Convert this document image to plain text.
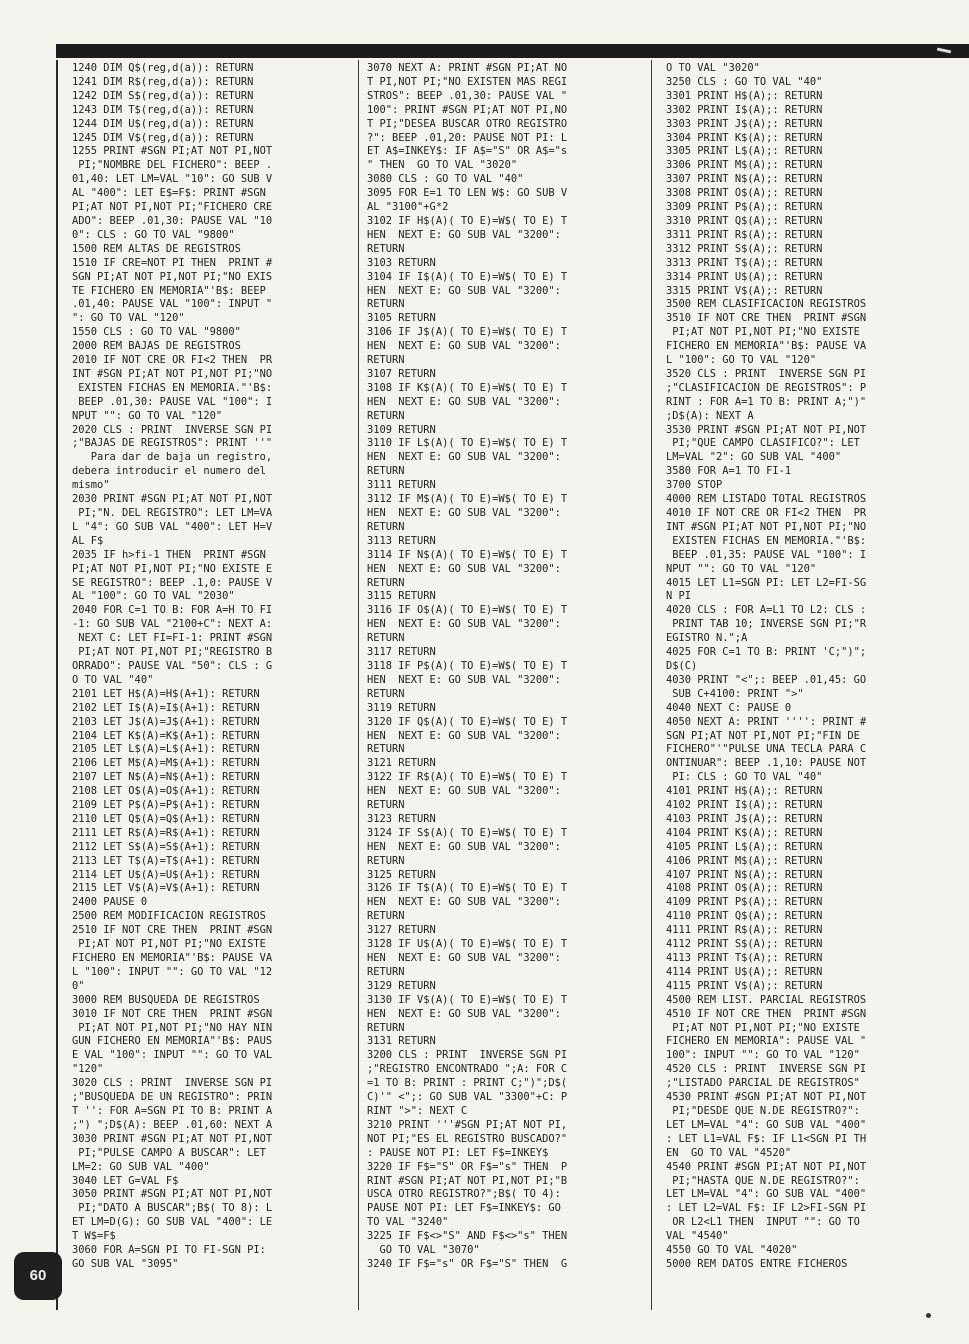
1240 DIM Q$(reg,d(a)): RETURN
1241 DIM R$(reg,d(a)): RETURN
1242 DIM S$(reg,d(a)): RETURN
1243 DIM T$(reg,d(a)): RETURN
1244 DIM U$(reg,d(a)): RETURN
1245 DIM V$(reg,d(a)): RETURN
1255 PRINT #SGN PI;AT NOT PI,NOT
PI;"NOMBRE DEL FICHERO": BEEP .
01,40: LET LM=VAL "10": GO SUB V
AL "400": LET E$=F$: PRINT #SGN
PI;AT NOT PI,NOT PI;"FICHERO CRE
ADO": BEEP .01,30: PAUSE VAL "10
0": CLS : GO TO VAL "9800"
1500 REM ALTAS DE REGISTROS
1510 IF CRE=NOT PI THEN  PRINT #
SGN PI;AT NOT PI,NOT PI;"NO EXIS
TE FICHERO EN MEMORIA"'B$: BEEP
.01,40: PAUSE VAL "100": INPUT "
": GO TO VAL "120"
1550 CLS : GO TO VAL "9800"
2000 REM BAJAS DE REGISTROS
2010 IF NOT CRE OR FI<2 THEN  PR
INT #SGN PI;AT NOT PI,NOT PI;"NO
EXISTEN FICHAS EN MEMORIA."'B$:
BEEP .01,30: PAUSE VAL "100": I
NPUT "": GO TO VAL "120"
2020 CLS : PRINT  INVERSE SGN PI
;"BAJAS DE REGISTROS": PRINT ''"
Para dar de baja un registro,
debera introducir el numero del
mismo"
2030 PRINT #SGN PI;AT NOT PI,NOT
PI;"N. DEL REGISTRO": LET LM=VA
L "4": GO SUB VAL "400": LET H=V
AL F$
2035 IF h>fi-1 THEN  PRINT #SGN
PI;AT NOT PI,NOT PI;"NO EXISTE E
SE REGISTRO": BEEP .1,0: PAUSE V
AL "100": GO TO VAL "2030"
2040 FOR C=1 TO B: FOR A=H TO FI
-1: GO SUB VAL "2100+C": NEXT A:
NEXT C: LET FI=FI-1: PRINT #SGN
PI;AT NOT PI,NOT PI;"REGISTRO B
ORRADO": PAUSE VAL "50": CLS : G
O TO VAL "40"
2101 LET H$(A)=H$(A+1): RETURN
2102 LET I$(A)=I$(A+1): RETURN
2103 LET J$(A)=J$(A+1): RETURN
2104 LET K$(A)=K$(A+1): RETURN
2105 LET L$(A)=L$(A+1): RETURN
2106 LET M$(A)=M$(A+1): RETURN
2107 LET N$(A)=N$(A+1): RETURN
2108 LET O$(A)=O$(A+1): RETURN
2109 LET P$(A)=P$(A+1): RETURN
2110 LET Q$(A)=Q$(A+1): RETURN
2111 LET R$(A)=R$(A+1): RETURN
2112 LET S$(A)=S$(A+1): RETURN
2113 LET T$(A)=T$(A+1): RETURN
2114 LET U$(A)=U$(A+1): RETURN
2115 LET V$(A)=V$(A+1): RETURN
2400 PAUSE 0
2500 REM MODIFICACION REGISTROS
2510 IF NOT CRE THEN  PRINT #SGN
PI;AT NOT PI,NOT PI;"NO EXISTE
FICHERO EN MEMORIA"'B$: PAUSE VA
L "100": INPUT "": GO TO VAL "12
0"
3000 REM BUSQUEDA DE REGISTROS
3010 IF NOT CRE THEN  PRINT #SGN
PI;AT NOT PI,NOT PI;"NO HAY NIN
GUN FICHERO EN MEMORIA"'B$: PAUS
E VAL "100": INPUT "": GO TO VAL
"120"
3020 CLS : PRINT  INVERSE SGN PI
;"BUSQUEDA DE UN REGISTRO": PRIN
T '': FOR A=SGN PI TO B: PRINT A
;") ";D$(A): BEEP .01,60: NEXT A
3030 PRINT #SGN PI;AT NOT PI,NOT
PI;"PULSE CAMPO A BUSCAR": LET
LM=2: GO SUB VAL "400"
3040 LET G=VAL F$
3050 PRINT #SGN PI;AT NOT PI,NOT
PI;"DATO A BUSCAR";B$( TO 8): L
ET LM=D(G): GO SUB VAL "400": LE
T W$=F$
3060 FOR A=SGN PI TO FI-SGN PI:
GO SUB VAL "3095"
3070 NEXT A: PRINT #SGN PI;AT NO
T PI,NOT PI;"NO EXISTEN MAS REGI
STROS": BEEP .01,30: PAUSE VAL "
100": PRINT #SGN PI;AT NOT PI,NO
T PI;"DESEA BUSCAR OTRO REGISTRO
?": BEEP .01,20: PAUSE NOT PI: L
ET A$=INKEY$: IF A$="S" OR A$="s
" THEN  GO TO VAL "3020"
3080 CLS : GO TO VAL "40"
3095 FOR E=1 TO LEN W$: GO SUB V
AL "3100"+G*2
3102 IF H$(A)( TO E)=W$( TO E) T
HEN  NEXT E: GO SUB VAL "3200":
RETURN
3103 RETURN
3104 IF I$(A)( TO E)=W$( TO E) T
HEN  NEXT E: GO SUB VAL "3200":
RETURN
3105 RETURN
3106 IF J$(A)( TO E)=W$( TO E) T
HEN  NEXT E: GO SUB VAL "3200":
RETURN
3107 RETURN
3108 IF K$(A)( TO E)=W$( TO E) T
HEN  NEXT E: GO SUB VAL "3200":
RETURN
3109 RETURN
3110 IF L$(A)( TO E)=W$( TO E) T
HEN  NEXT E: GO SUB VAL "3200":
RETURN
3111 RETURN
3112 IF M$(A)( TO E)=W$( TO E) T
HEN  NEXT E: GO SUB VAL "3200":
RETURN
3113 RETURN
3114 IF N$(A)( TO E)=W$( TO E) T
HEN  NEXT E: GO SUB VAL "3200":
RETURN
3115 RETURN
3116 IF O$(A)( TO E)=W$( TO E) T
HEN  NEXT E: GO SUB VAL "3200":
RETURN
3117 RETURN
3118 IF P$(A)( TO E)=W$( TO E) T
HEN  NEXT E: GO SUB VAL "3200":
RETURN
3119 RETURN
3120 IF Q$(A)( TO E)=W$( TO E) T
HEN  NEXT E: GO SUB VAL "3200":
RETURN
3121 RETURN
3122 IF R$(A)( TO E)=W$( TO E) T
HEN  NEXT E: GO SUB VAL "3200":
RETURN
3123 RETURN
3124 IF S$(A)( TO E)=W$( TO E) T
HEN  NEXT E: GO SUB VAL "3200":
RETURN
3125 RETURN
3126 IF T$(A)( TO E)=W$( TO E) T
HEN  NEXT E: GO SUB VAL "3200":
RETURN
3127 RETURN
3128 IF U$(A)( TO E)=W$( TO E) T
HEN  NEXT E: GO SUB VAL "3200":
RETURN
3129 RETURN
3130 IF V$(A)( TO E)=W$( TO E) T
HEN  NEXT E: GO SUB VAL "3200":
RETURN
3131 RETURN
3200 CLS : PRINT  INVERSE SGN PI
;"REGISTRO ENCONTRADO ";A: FOR C
=1 TO B: PRINT : PRINT C;")";D$(
C)'" <";: GO SUB VAL "3300"+C: P
RINT ">": NEXT C
3210 PRINT '''#SGN PI;AT NOT PI,
NOT PI;"ES EL REGISTRO BUSCADO?"
: PAUSE NOT PI: LET F$=INKEY$
3220 IF F$="S" OR F$="s" THEN  P
RINT #SGN PI;AT NOT PI,NOT PI;"B
USCA OTRO REGISTRO?";B$( TO 4):
PAUSE NOT PI: LET F$=INKEY$: GO
TO VAL "3240"
3225 IF F$<>"S" AND F$<>"s" THEN
GO TO VAL "3070"
3240 IF F$="s" OR F$="S" THEN  G
O TO VAL "3020"
3250 CLS : GO TO VAL "40"
3301 PRINT H$(A);: RETURN
3302 PRINT I$(A);: RETURN
3303 PRINT J$(A);: RETURN
3304 PRINT K$(A);: RETURN
3305 PRINT L$(A);: RETURN
3306 PRINT M$(A);: RETURN
3307 PRINT N$(A);: RETURN
3308 PRINT O$(A);: RETURN
3309 PRINT P$(A);: RETURN
3310 PRINT Q$(A);: RETURN
3311 PRINT R$(A);: RETURN
3312 PRINT S$(A);: RETURN
3313 PRINT T$(A);: RETURN
3314 PRINT U$(A);: RETURN
3315 PRINT V$(A);: RETURN
3500 REM CLASIFICACION REGISTROS
3510 IF NOT CRE THEN  PRINT #SGN
PI;AT NOT PI,NOT PI;"NO EXISTE
FICHERO EN MEMORIA"'B$: PAUSE VA
L "100": GO TO VAL "120"
3520 CLS : PRINT  INVERSE SGN PI
;"CLASIFICACION DE REGISTROS": P
RINT : FOR A=1 TO B: PRINT A;")"
;D$(A): NEXT A
3530 PRINT #SGN PI;AT NOT PI,NOT
PI;"QUE CAMPO CLASIFICO?": LET
LM=VAL "2": GO SUB VAL "400"
3580 FOR A=1 TO FI-1
3700 STOP
4000 REM LISTADO TOTAL REGISTROS
4010 IF NOT CRE OR FI<2 THEN  PR
INT #SGN PI;AT NOT PI,NOT PI;"NO
EXISTEN FICHAS EN MEMORIA."'B$:
BEEP .01,35: PAUSE VAL "100": I
NPUT "": GO TO VAL "120"
4015 LET L1=SGN PI: LET L2=FI-SG
N PI
4020 CLS : FOR A=L1 TO L2: CLS :
PRINT TAB 10; INVERSE SGN PI;"R
EGISTRO N.";A
4025 FOR C=1 TO B: PRINT 'C;")";
D$(C)
4030 PRINT "<";: BEEP .01,45: GO
SUB C+4100: PRINT ">"
4040 NEXT C: PAUSE 0
4050 NEXT A: PRINT '''': PRINT #
SGN PI;AT NOT PI,NOT PI;"FIN DE
FICHERO"'"PULSE UNA TECLA PARA C
ONTINUAR": BEEP .1,10: PAUSE NOT
PI: CLS : GO TO VAL "40"
4101 PRINT H$(A);: RETURN
4102 PRINT I$(A);: RETURN
4103 PRINT J$(A);: RETURN
4104 PRINT K$(A);: RETURN
4105 PRINT L$(A);: RETURN
4106 PRINT M$(A);: RETURN
4107 PRINT N$(A);: RETURN
4108 PRINT O$(A);: RETURN
4109 PRINT P$(A);: RETURN
4110 PRINT Q$(A);: RETURN
4111 PRINT R$(A);: RETURN
4112 PRINT S$(A);: RETURN
4113 PRINT T$(A);: RETURN
4114 PRINT U$(A);: RETURN
4115 PRINT V$(A);: RETURN
4500 REM LIST. PARCIAL REGISTROS
4510 IF NOT CRE THEN  PRINT #SGN
PI;AT NOT PI,NOT PI;"NO EXISTE
FICHERO EN MEMORIA": PAUSE VAL "
100": INPUT "": GO TO VAL "120"
4520 CLS : PRINT  INVERSE SGN PI
;"LISTADO PARCIAL DE REGISTROS"
4530 PRINT #SGN PI;AT NOT PI,NOT
PI;"DESDE QUE N.DE REGISTRO?":
LET LM=VAL "4": GO SUB VAL "400"
: LET L1=VAL F$: IF L1<SGN PI TH
EN  GO TO VAL "4520"
4540 PRINT #SGN PI;AT NOT PI,NOT
PI;"HASTA QUE N.DE REGISTRO?":
LET LM=VAL "4": GO SUB VAL "400"
: LET L2=VAL F$: IF L2>FI-SGN PI
OR L2<L1 THEN  INPUT "": GO TO
VAL "4540"
4550 GO TO VAL "4020"
5000 REM DATOS ENTRE FICHEROS
60
